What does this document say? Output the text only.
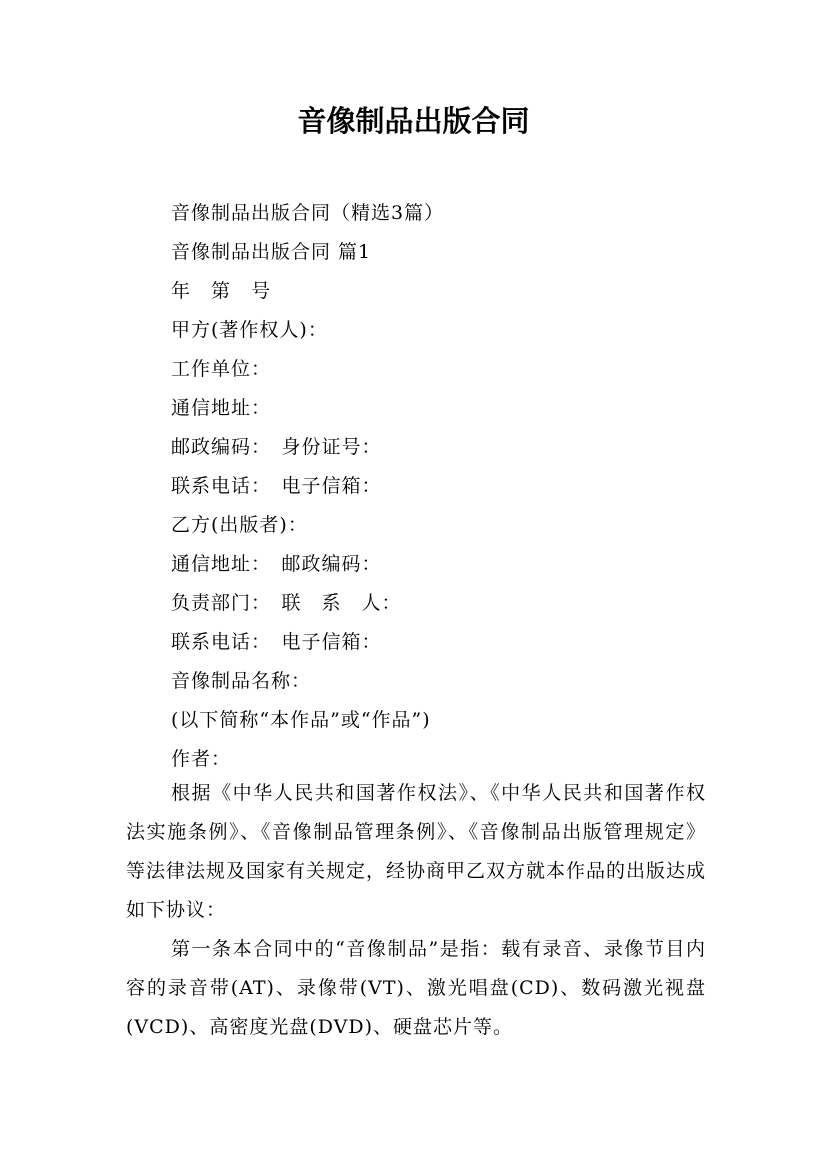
音像制品出版合同
音像制品出版合同（精选3篇）
音像制品出版合同 篇1
年　第　号
甲方(著作权人)：
工作单位：
通信地址：
邮政编码：　身份证号：
联系电话：　电子信箱：
乙方(出版者)：
通信地址：　邮政编码：
负责部门：　联　系　人：
联系电话：　电子信箱：
音像制品名称：
(以下简称“本作品”或“作品”)
作者：
根据《中华人民共和国著作权法》、《中华人民共和国著作权法实施条例》、《音像制品管理条例》、《音像制品出版管理规定》等法律法规及国家有关规定，经协商甲乙双方就本作品的出版达成如下协议：
第一条本合同中的“音像制品”是指：载有录音、录像节目内容的录音带(AT)、录像带(VT)、激光唱盘(CD)、数码激光视盘(VCD)、高密度光盘(DVD)、硬盘芯片等。
